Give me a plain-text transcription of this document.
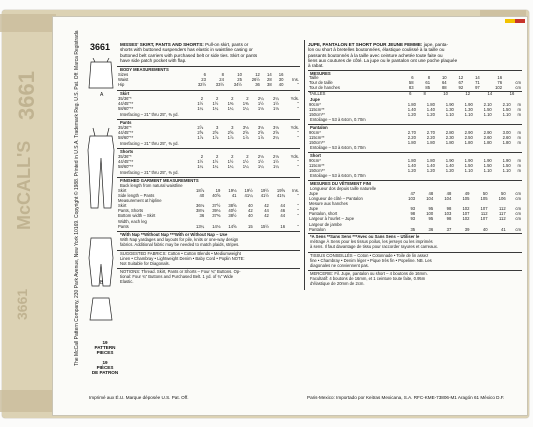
3661
McCALL'S
3661	The McCall Pattern Company, 230 Park Avenue, New York 10169. Copyright © 1988. Printed in U.S.A. Trademark Reg. U.S. Pat. Off. Marca Registrada 3661
A
B
19
PATTERN
PIECES
19
PIÈCES
DE PATRON
MISSES' SKIRT, PANTS AND SHORTS: Pull-on skirt, pants or
shorts with buttoned suspenders has elastic in waistline casing or
buttoned belt carriers with purchased belt or side ties. Skirt or pants
have side patch pocket with flap.
BODY MEASUREMENTS
Sizes	6	8	10	12	14	16	
Waist	23	24	25	26½	28	30	Ins.
Hip	32½	33½	34½	36	38	40	"
Skirt
35/36"*	2	2	2	2	2¼	2¼	Yds.
44/45"**	1½	1½	1⅜	1⅜	1½	1½	"
58/60"**	1¼	1¼	1¼	1¼	1⅛	1⅛	"
Interfacing – 21" thru 25", ⅜ yd.
Pants
35/36"*	2⅞	3	3	3⅛	3⅛	3⅛	Yds.
44/45"**	2⅝	2⅝	2⅝	2⅝	2⅝	2⅝	"
58/60"**	1⅞	1⅞	1⅞	1⅞	1⅞	2¼	"
Interfacing – 21" thru 25", ⅜ yd.
Shorts
35/36"*	2	2	2	2	2⅛	2⅛	Yds.
44/45"**	1½	1½	1½	1½	1½	1½	"
58/60"**	1¼	1¼	1¼	1¼	1¼	1¼	"
Interfacing – 21" thru 25", ⅜ yd.
FINISHED GARMENT MEASUREMENTS
Back length from natural waistline
Skirt	18⅞	19	19⅛	19½	19½	19⅝	Ins.
Side length – Pants	40	40⅝	41	41¼	41½	41¾	"
Measurement at hipline							
Skirt	36⅛	37½	38⅝	40	42	44	"
Pants, Shorts	38⅛	39⅛	40½	42	44	46	"
Bottom width – Skirt	36	37⅜	38½	40	42	44	"
Width, each leg							
Pants	13¼	14⅛	14⅝	15	15½	16	"
*With Nap **Without Nap ***With or Without Nap – Use
With Nap yardages and layouts for pile, knits or one-way design
fabrics. Additional fabric may be needed to match plaids, stripes.
SUGGESTED FABRICS: Cotton • Cotton Blends • Mediumweight
Linen • Chambray • Lightweight Denim • Baby Cord • Poplin NOTE:
Not Suitable for Diagonals.
NOTIONS: Thread. Skirt, Pants or Shorts – Four ¾" Buttons. Op-
tional: Four ¾" Buttons and Purchased Belt. 1 yd. of ¾" Wide
Elastic.
JUPE, PANTALON ET SHORT POUR JEUNE FEMME: jupe, panta-
lon ou short à bretelles boutonnées, élastique coulissé à la taille ou
passants boutonnés à la taille avec ceinture achetée toute faite ou
liens aux coutures de côté. La jupe ou le pantalon ont une poche plaquée
à rabat.
MESURES
Taille	6	8	10	12	14	16	
Tour de taille	58	61	64	67	71	76	cm
Tour de hanches	83	85	88	92	97	102	cm
TAILLES	6	8	10	12	14	16	
Jupe
90cm*	1.80	1.80	1.90	1.90	2.10	2.10	m
115cm**	1.40	1.40	1.30	1.30	1.50	1.50	m
150cm**	1.20	1.20	1.10	1.10	1.10	1.10	m
Entoilage – 53 à 64cm, 0.70m
Pantalon
90cm*	2.70	2.70	2.80	2.90	2.90	3.00	m
115cm**	2.20	2.20	2.30	2.50	2.60	2.60	m
150cm**	1.80	1.80	1.80	1.80	1.80	1.80	m
Entoilage – 53 à 64cm, 0.70m
Short
90cm*	1.80	1.80	1.90	1.90	1.90	1.90	m
115cm**	1.40	1.40	1.40	1.50	1.50	1.50	m
150cm**	1.20	1.20	1.20	1.10	1.10	1.10	m
Entoilage – 53 à 64cm, 0.70m
MESURES DU VÊTEMENT FINI
Longueur dos depuis taille naturelle
Jupe	47	48	48	49	50	50	cm
Longueur de côté – Pantalon	103	104	104	105	105	106	cm
Mesure aux hanches							
Jupe	93	95	98	102	107	112	cm
Pantalon, short	98	100	103	107	112	117	cm
Largeur à l'ourlet – Jupe	93	95	98	102	107	112	cm
Largeur de jambe							
Pantalon	35	36	37	39	40	41	cm
*A Sens **Sans Sens ***Avec ou Sans Sens – Utiliser le
métrage À Sens pour les tissus poilus, les jerseys ou les imprimés
à sens. Il faut davantage de tissu pour raccorder rayures et carreaux.
TISSUS CONSEILLÉS – Coton • Cotonnade • Toile de lin assez
fine • Chambray • Denim léger • Pique très fin • Popeline. NB. Les
diagonales ne conviennent pas.
MERCERIE: Fil. Jupe, pantalon ou short – 4 boutons de 16mm.
Facultatif: 4 boutons de 16mm, et 1 ceinture toute faite, 0.95m
d'élastique de 20mm de 2cm.
Imprimé aux É.U. Marque déposée U.S. Pat. Off.	Paris-Mexico: Importado por Keitras Mexicana, S.A. RFC-KME-73806-M1 Aragón 61 México D.F.
